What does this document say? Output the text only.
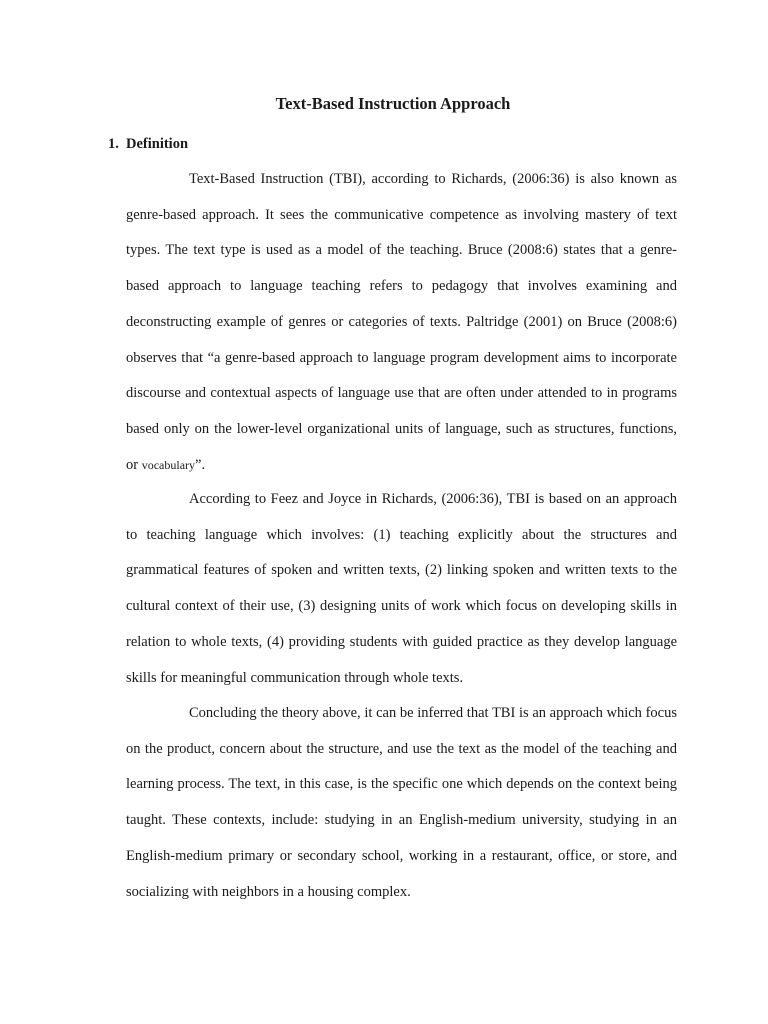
Text-Based Instruction Approach
1. Definition

Text-Based Instruction (TBI), according to Richards, (2006:36) is also known as genre-based approach. It sees the communicative competence as involving mastery of text types. The text type is used as a model of the teaching. Bruce (2008:6) states that a genre-based approach to language teaching refers to pedagogy that involves examining and deconstructing example of genres or categories of texts. Paltridge (2001) on Bruce (2008:6) observes that “a genre-based approach to language program development aims to incorporate discourse and contextual aspects of language use that are often under attended to in programs based only on the lower-level organizational units of language, such as structures, functions, or vocabulary”.

According to Feez and Joyce in Richards, (2006:36), TBI is based on an approach to teaching language which involves: (1) teaching explicitly about the structures and grammatical features of spoken and written texts, (2) linking spoken and written texts to the cultural context of their use, (3) designing units of work which focus on developing skills in relation to whole texts, (4) providing students with guided practice as they develop language skills for meaningful communication through whole texts.

Concluding the theory above, it can be inferred that TBI is an approach which focus on the product, concern about the structure, and use the text as the model of the teaching and learning process. The text, in this case, is the specific one which depends on the context being taught. These contexts, include: studying in an English-medium university, studying in an English-medium primary or secondary school, working in a restaurant, office, or store, and socializing with neighbors in a housing complex.
